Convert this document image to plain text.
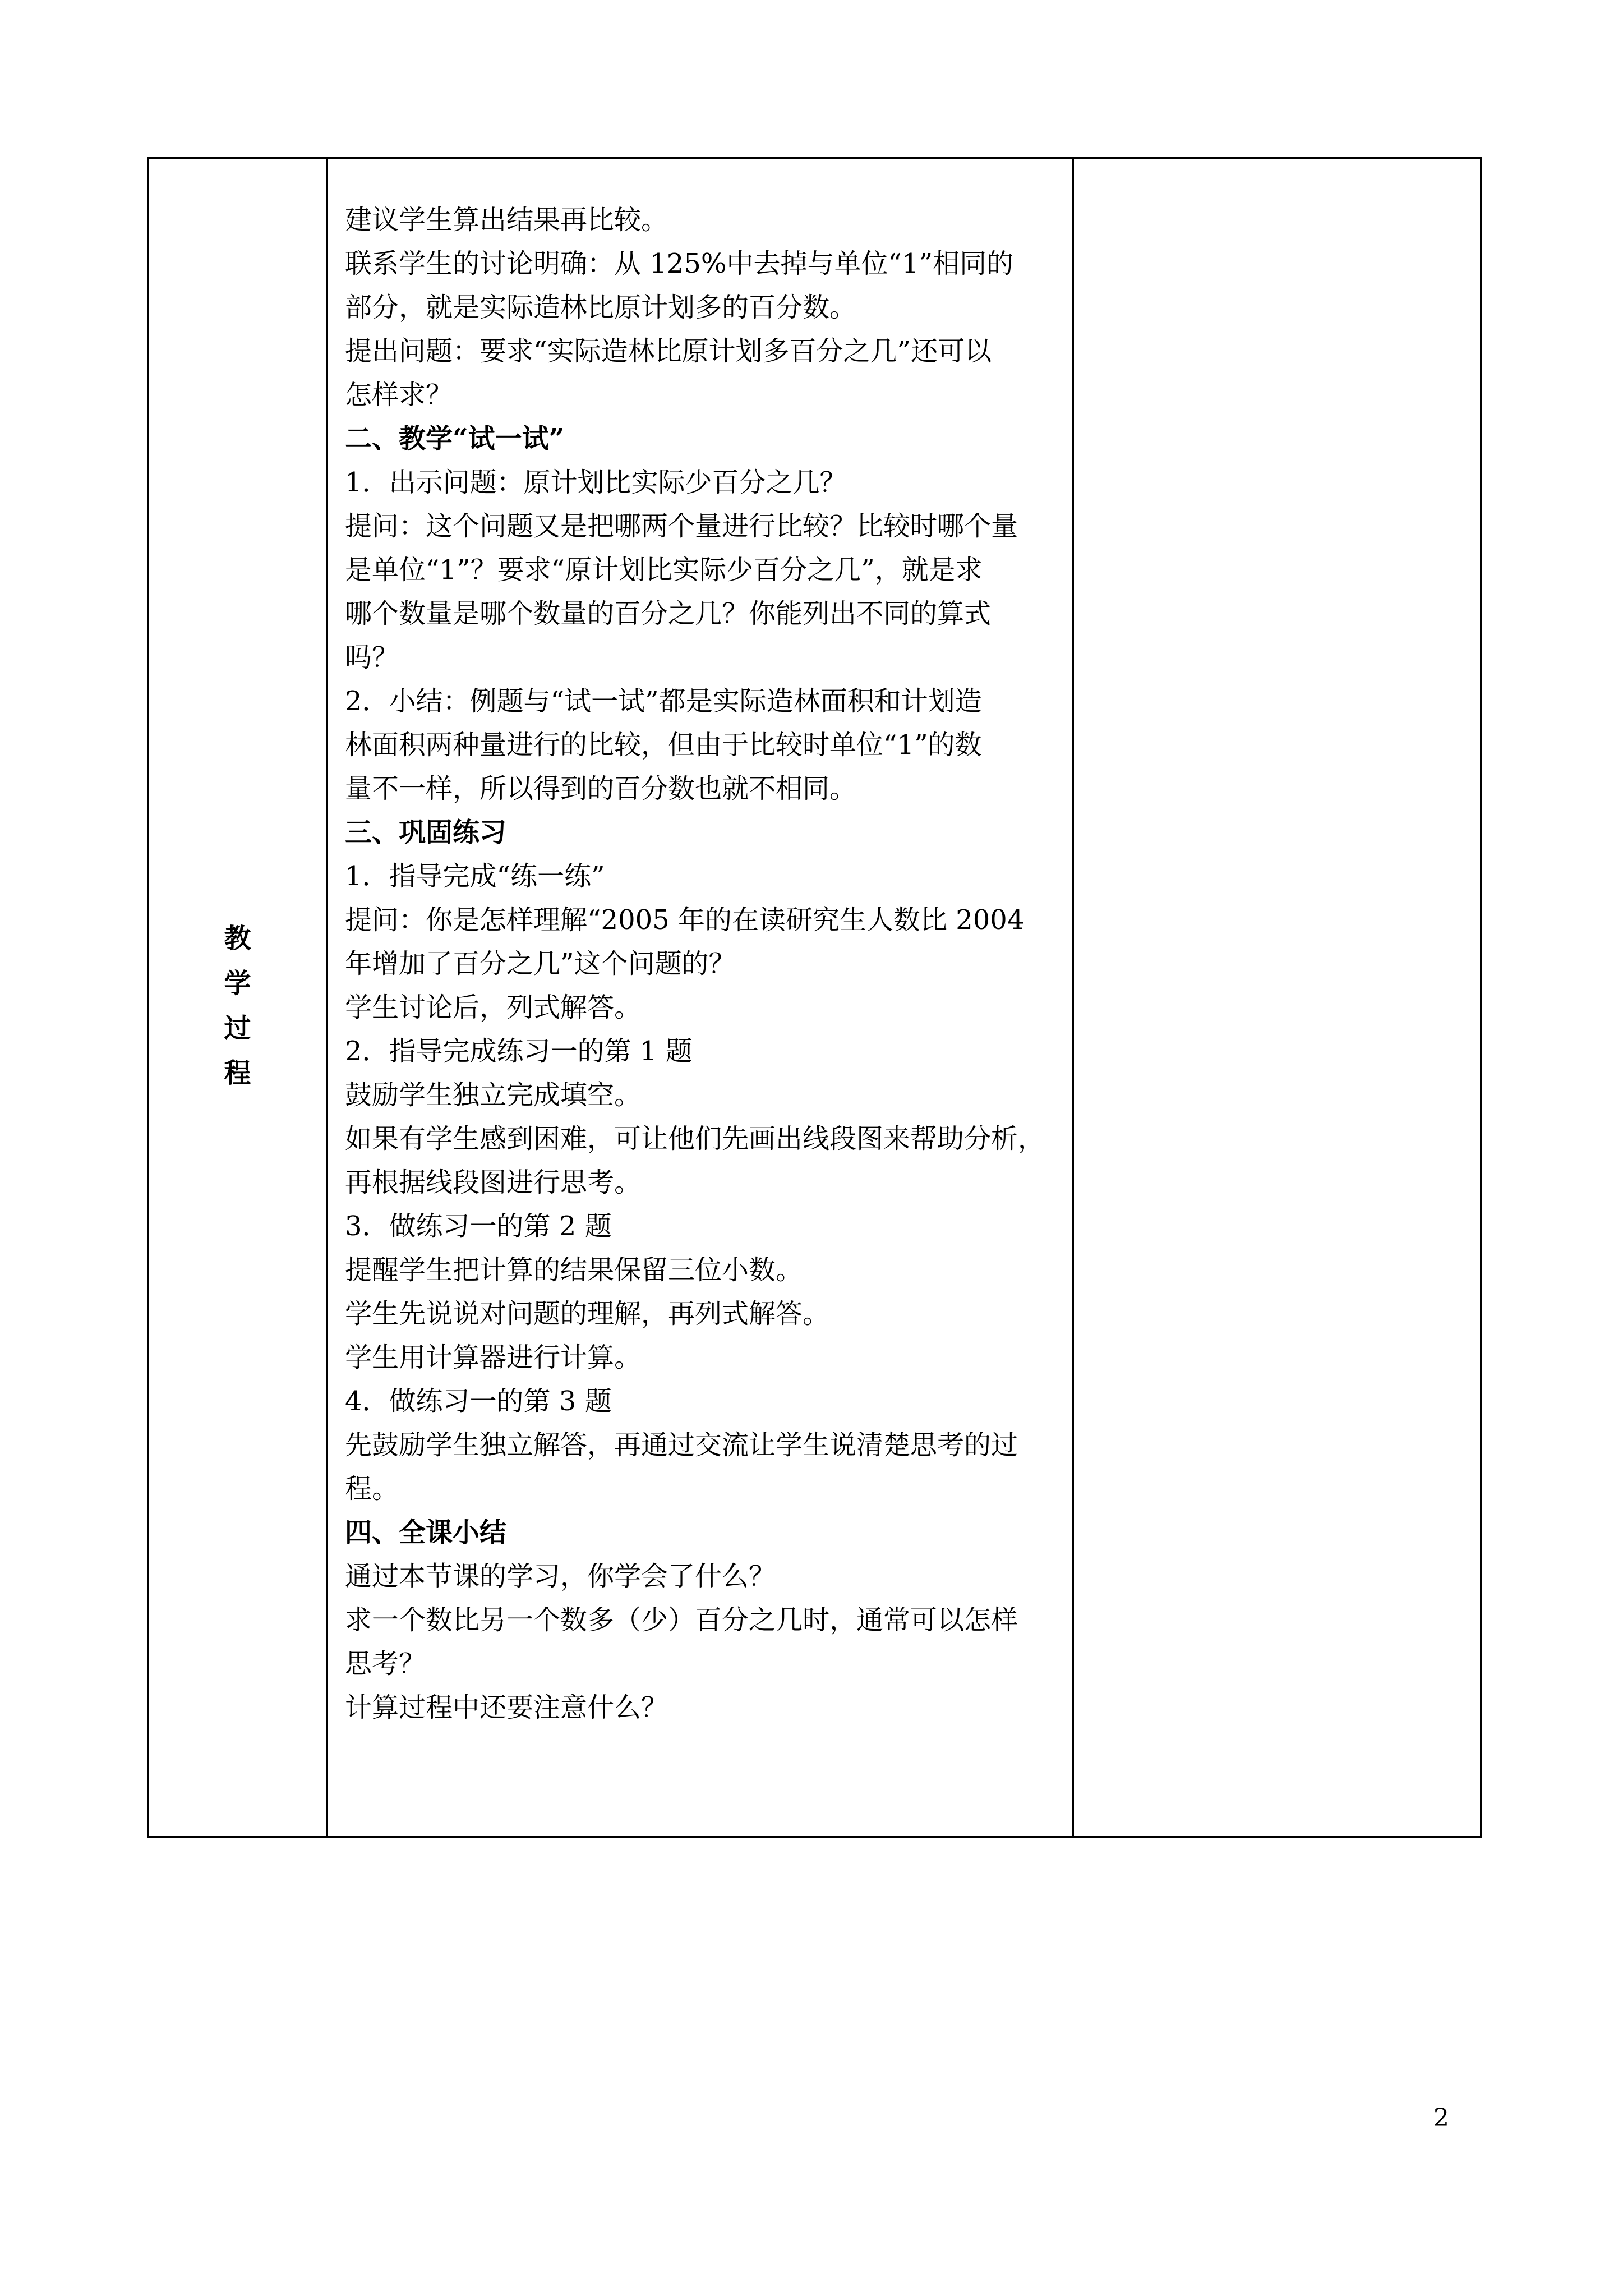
教
学
过
程
建议学生算出结果再比较。
联系学生的讨论明确：从 125%中去掉与单位“1”相同的
部分，就是实际造林比原计划多的百分数。
提出问题：要求“实际造林比原计划多百分之几”还可以
怎样求？
二、教学“试一试”
1．出示问题：原计划比实际少百分之几？
提问：这个问题又是把哪两个量进行比较？比较时哪个量
是单位“1”？要求“原计划比实际少百分之几”，就是求
哪个数量是哪个数量的百分之几？你能列出不同的算式
吗？
2．小结：例题与“试一试”都是实际造林面积和计划造
林面积两种量进行的比较，但由于比较时单位“1”的数
量不一样，所以得到的百分数也就不相同。
三、巩固练习
1．指导完成“练一练”
提问：你是怎样理解“2005 年的在读研究生人数比 2004
年增加了百分之几”这个问题的？
学生讨论后，列式解答。
2．指导完成练习一的第 1 题
鼓励学生独立完成填空。
如果有学生感到困难，可让他们先画出线段图来帮助分析，
再根据线段图进行思考。
3．做练习一的第 2 题
提醒学生把计算的结果保留三位小数。
学生先说说对问题的理解，再列式解答。
学生用计算器进行计算。
4．做练习一的第 3 题
先鼓励学生独立解答，再通过交流让学生说清楚思考的过
程。
四、全课小结
通过本节课的学习，你学会了什么？
求一个数比另一个数多（少）百分之几时，通常可以怎样
思考？
计算过程中还要注意什么？
2
